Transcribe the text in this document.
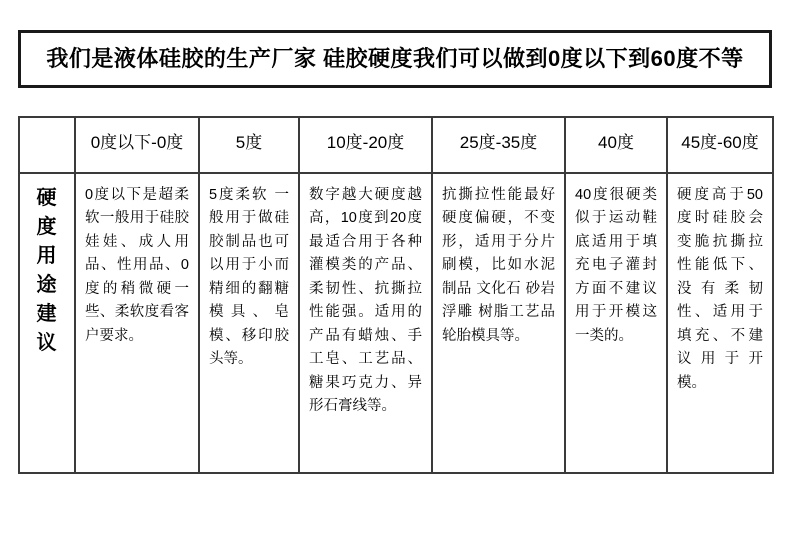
我们是液体硅胶的生产厂家 硅胶硬度我们可以做到0度以下到60度不等
	0度以下-0度	5度	10度-20度	25度-35度	40度	45度-60度
硬度用途建议	0度以下是超柔软一般用于硅胶娃娃、成人用品、性用品、0度的稍微硬一些、柔软度看客户要求。	5度柔软 一般用于做硅胶制品也可以用于小而精细的翻糖模具、皂模、移印胶头等。	数字越大硬度越高，10度到20度最适合用于各种灌模类的产品、柔韧性、抗撕拉性能强。适用的产品有蜡烛、手工皂、工艺品、糖果巧克力、异形石膏线等。	抗撕拉性能最好 硬度偏硬，不变形，适用于分片刷模，比如水泥制品 文化石 砂岩 浮雕 树脂工艺品 轮胎模具等。	40度很硬类似于运动鞋底适用于填充电子灌封方面不建议用于开模这一类的。	硬度高于50度时硅胶会变脆抗撕拉性能低下、没有柔韧性、适用于填充、不建议用于开模。
